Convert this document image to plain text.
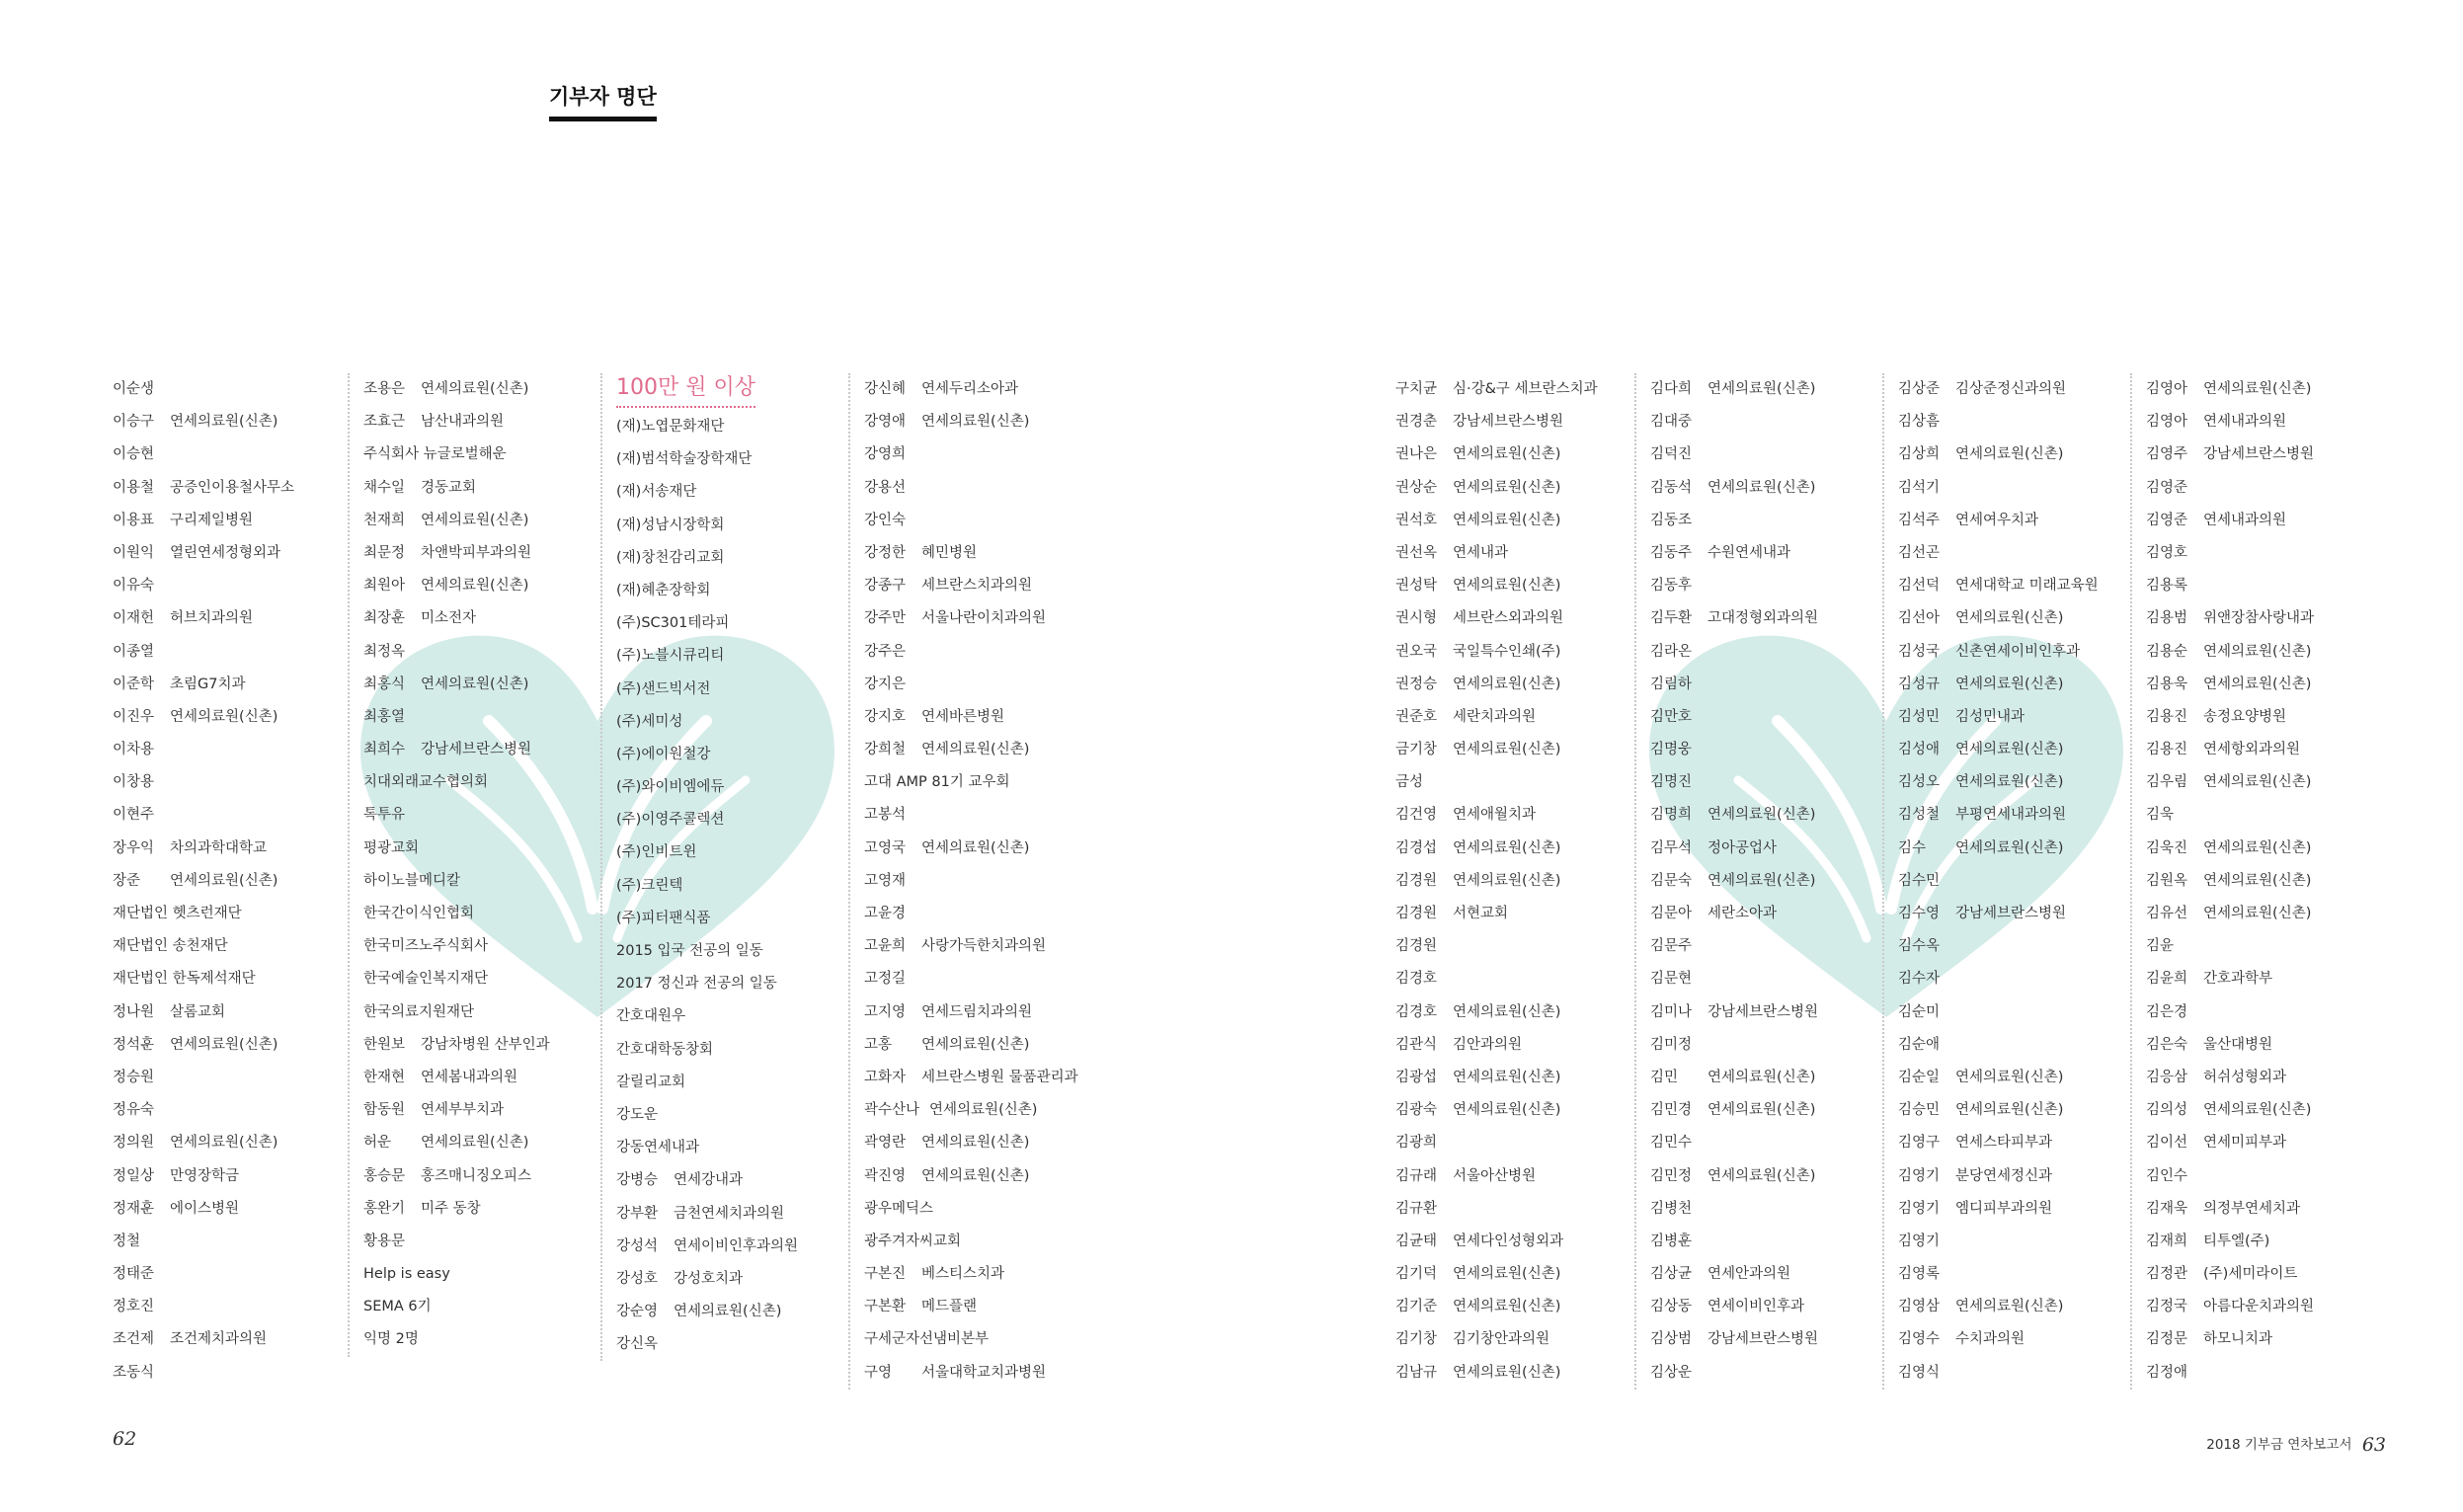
기부자 명단
이순생
이승구 연세의료원(신촌)
이승현
이용철 공증인이용철사무소
이용표 구리제일병원
이원익 열린연세정형외과
이유숙
이재헌 허브치과의원
이종열
이준학 초림G7치과
이진우 연세의료원(신촌)
이차용
이창용
이현주
장우익 차의과학대학교
장준 연세의료원(신촌)
재단법인 헷츠런재단
재단법인 송천재단
재단법인 한독제석재단
정나원 살롬교회
정석훈 연세의료원(신촌)
정승원
정유숙
정의원 연세의료원(신촌)
정일상 만영장학금
정재훈 에이스병원
정철
정태준
정호진
조건제 조건제치과의원
조동식
조용은 연세의료원(신촌)
조효근 남산내과의원
주식회사 뉴글로벌해운
채수일 경동교회
천재희 연세의료원(신촌)
최문정 차앤박피부과의원
최원아 연세의료원(신촌)
최장훈 미소전자
최정옥
최홍식 연세의료원(신촌)
최홍열
최희수 강남세브란스병원
치대외래교수협의회
톡투유
평광교회
하이노블메디칼
한국간이식인협회
한국미즈노주식회사
한국예술인복지재단
한국의료지원재단
한원보 강남차병원 산부인과
한재현 연세봄내과의원
함동원 연세부부치과
허운 연세의료원(신촌)
홍승문 홍즈매니징오피스
홍완기 미주 동창
황용문
Help is easy
SEMA 6기
익명 2명
100만 원 이상
(재)노엽문화재단
(재)범석학술장학재단
(재)서송재단
(재)성남시장학회
(재)창천감리교회
(재)혜춘장학회
(주)SC301테라피
(주)노블시큐리티
(주)샌드빅서전
(주)세미성
(주)에이원철강
(주)와이비엠에듀
(주)이영주콜렉션
(주)인비트윈
(주)크린텍
(주)피터팬식품
2015 입국 전공의 일동
2017 정신과 전공의 일동
간호대원우
간호대학동창회
갈릴리교회
강도운
강동연세내과
강병승 연세강내과
강부환 금천연세치과의원
강성석 연세이비인후과의원
강성호 강성호치과
강순영 연세의료원(신촌)
강신옥
강신혜 연세두리소아과
강영애 연세의료원(신촌)
강영희
강용선
강인숙
강정한 혜민병원
강종구 세브란스치과의원
강주만 서울나란이치과의원
강주은
강지은
강지호 연세바른병원
강희철 연세의료원(신촌)
고대 AMP 81기 교우회
고봉석
고영국 연세의료원(신촌)
고영재
고윤경
고윤희 사랑가득한치과의원
고정길
고지영 연세드림치과의원
고홍 연세의료원(신촌)
고화자 세브란스병원 물품관리과
곽수산나 연세의료원(신촌)
곽영란 연세의료원(신촌)
곽진영 연세의료원(신촌)
광우메딕스
광주겨자씨교회
구본진 베스티스치과
구본환 메드플랜
구세군자선냄비본부
구영 서울대학교치과병원
구치균 심·강&구 세브란스치과
권경춘 강남세브란스병원
권나은 연세의료원(신촌)
권상순 연세의료원(신촌)
권석호 연세의료원(신촌)
권선옥 연세내과
권성탁 연세의료원(신촌)
권시형 세브란스외과의원
권오국 국일특수인쇄(주)
권정승 연세의료원(신촌)
권준호 세란치과의원
금기창 연세의료원(신촌)
금성
김건영 연세애월치과
김경섭 연세의료원(신촌)
김경원 연세의료원(신촌)
김경원 서현교회
김경원
김경호
김경호 연세의료원(신촌)
김관식 김안과의원
김광섭 연세의료원(신촌)
김광숙 연세의료원(신촌)
김광희
김규래 서울아산병원
김규환
김균태 연세다인성형외과
김기덕 연세의료원(신촌)
김기준 연세의료원(신촌)
김기창 김기창안과의원
김남규 연세의료원(신촌)
김다희 연세의료원(신촌)
김대중
김덕진
김동석 연세의료원(신촌)
김동조
김동주 수원연세내과
김동후
김두환 고대정형외과의원
김라온
김림하
김만호
김명웅
김명진
김명희 연세의료원(신촌)
김무석 정아공업사
김문숙 연세의료원(신촌)
김문아 세란소아과
김문주
김문현
김미나 강남세브란스병원
김미정
김민 연세의료원(신촌)
김민경 연세의료원(신촌)
김민수
김민정 연세의료원(신촌)
김병천
김병훈
김상균 연세안과의원
김상동 연세이비인후과
김상범 강남세브란스병원
김상운
김상준 김상준정신과의원
김상흠
김상희 연세의료원(신촌)
김석기
김석주 연세여우치과
김선곤
김선덕 연세대학교 미래교육원
김선아 연세의료원(신촌)
김성국 신촌연세이비인후과
김성규 연세의료원(신촌)
김성민 김성민내과
김성애 연세의료원(신촌)
김성오 연세의료원(신촌)
김성철 부평연세내과의원
김수 연세의료원(신촌)
김수민
김수영 강남세브란스병원
김수옥
김수자
김순미
김순애
김순일 연세의료원(신촌)
김승민 연세의료원(신촌)
김영구 연세스타피부과
김영기 분당연세정신과
김영기 엠디피부과의원
김영기
김영록
김영삼 연세의료원(신촌)
김영수 수치과의원
김영식
김영아 연세의료원(신촌)
김영아 연세내과의원
김영주 강남세브란스병원
김영준
김영준 연세내과의원
김영호
김용록
김용범 위앤장참사랑내과
김용순 연세의료원(신촌)
김용욱 연세의료원(신촌)
김용진 송정요양병원
김용진 연세항외과의원
김우림 연세의료원(신촌)
김욱
김욱진 연세의료원(신촌)
김원옥 연세의료원(신촌)
김유선 연세의료원(신촌)
김윤
김윤희 간호과학부
김은경
김은숙 울산대병원
김응삼 허쉬성형외과
김의성 연세의료원(신촌)
김이선 연세미피부과
김인수
김재욱 의정부연세치과
김재희 티투엘(주)
김정관 (주)세미라이트
김정국 아름다운치과의원
김정문 하모니치과
김정애
62	2018 기부금 연차보고서 63
